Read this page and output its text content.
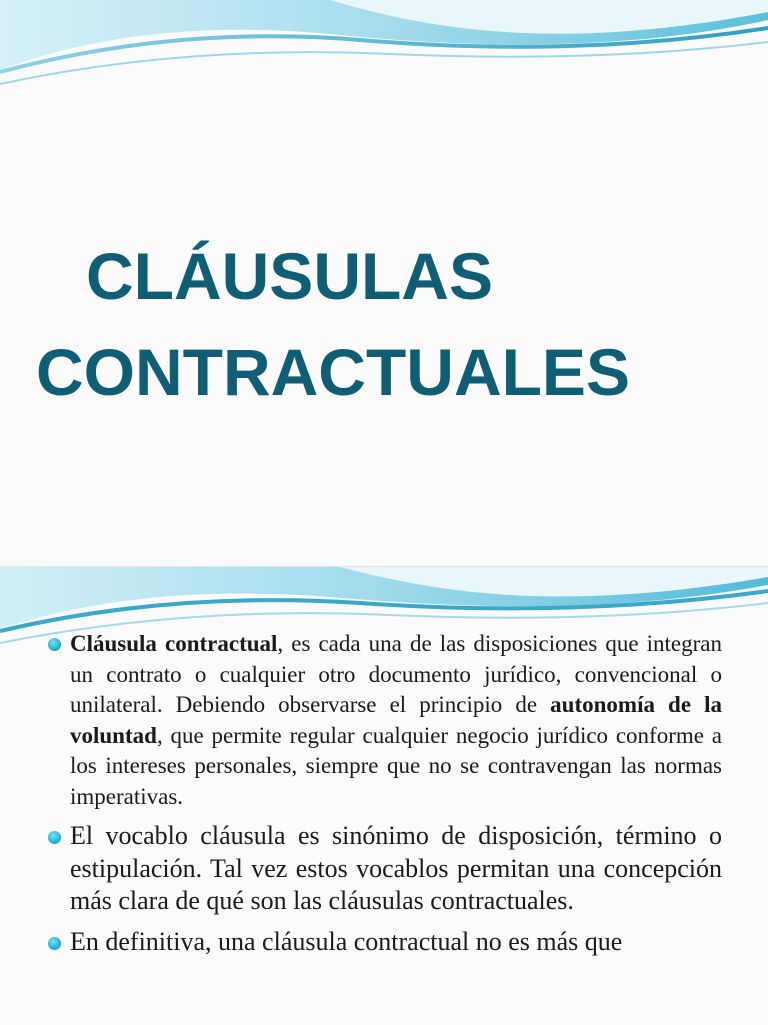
CLÁUSULAS
CONTRACTUALES
Cláusula contractual, es cada una de las disposiciones que integran un contrato o cualquier otro documento jurídico, convencional o unilateral. Debiendo observarse el principio de autonomía de la voluntad, que permite regular cualquier negocio jurídico conforme a los intereses personales, siempre que no se contravengan las normas imperativas.
El vocablo cláusula es sinónimo de disposición, término o estipulación. Tal vez estos vocablos permitan una concepción más clara de qué son las cláusulas contractuales.
En definitiva, una cláusula contractual no es más que
